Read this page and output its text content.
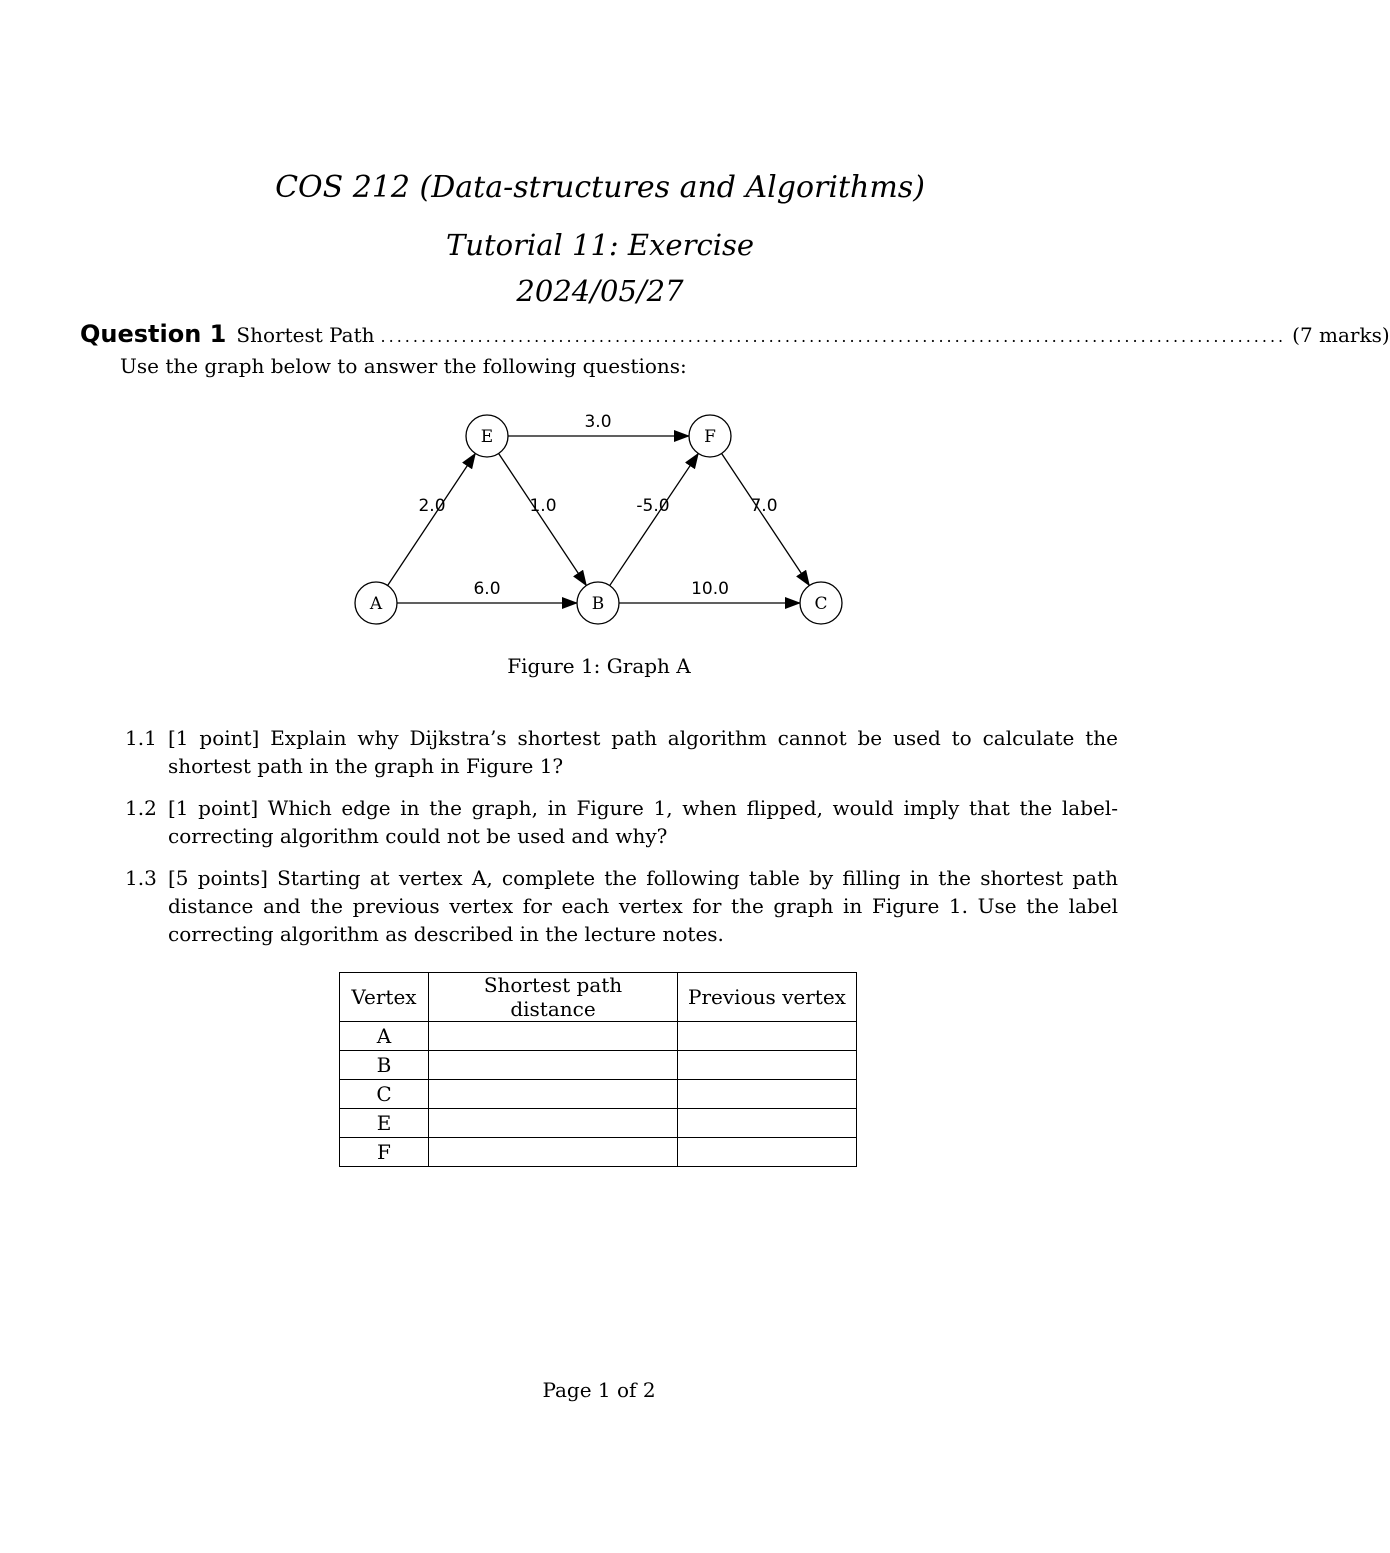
COS 212 (Data-structures and Algorithms)
Tutorial 11: Exercise
2024/05/27
Question 1 Shortest Path ................................................................................................................ (7 marks)
Use the graph below to answer the following questions:
A
E	F
B	C
2.0
3.0
1.0
6.0
-5.0	7.0
10.0
Figure 1: Graph A
1.1 [1 point] Explain why Dijkstra’s shortest path algorithm cannot be used to calculate the shortest path in the graph in Figure 1?
1.2 [1 point] Which edge in the graph, in Figure 1, when flipped, would imply that the label-correcting algorithm could not be used and why?
1.3 [5 points] Starting at vertex A, complete the following table by filling in the shortest path distance and the previous vertex for each vertex for the graph in Figure 1. Use the label correcting algorithm as described in the lecture notes.
Vertex	Shortest path distance	Previous vertex
A		
B		
C		
E		
F		
Page 1 of 2
